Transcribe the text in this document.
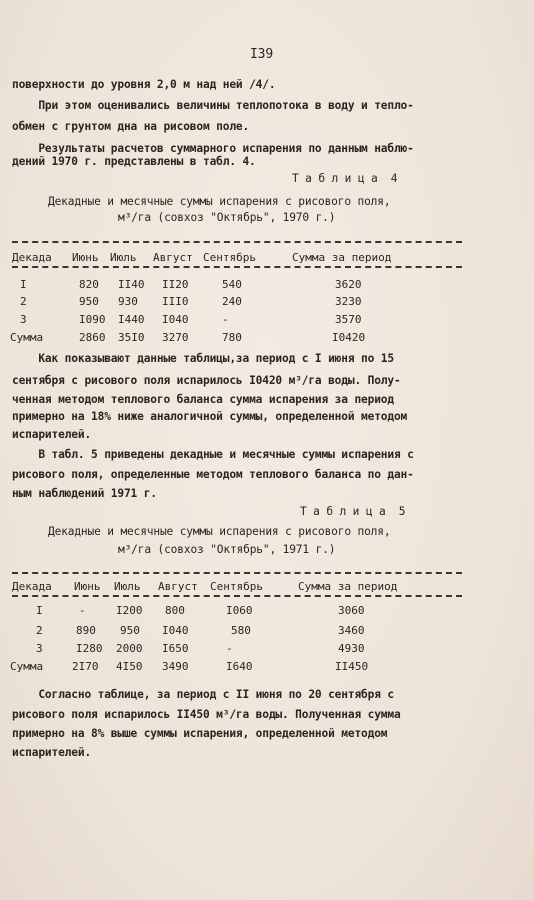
I39
поверхности до уровня 2,0 м над ней /4/.
При этом оценивались величины теплопотока в воду и тепло-
обмен с грунтом дна на рисовом поле.
Результаты расчетов суммарного испарения по данным наблю-
дений 1970 г. представлены в табл. 4.
Т а б л и ц а  4
Декадные и месячные суммы испарения с рисового поля,
м³/га (совхоз "Октябрь", 1970 г.)
Декада Июнь Июль Август Сентябрь	Сумма за период
I	820 II40 II20	540	3620
2	950 930 III0	240	3230
3	I090 I440 I040	-	3570
Сумма	2860 35I0 3270	780	I0420
Как показывают данные таблицы,за период с I июня по 15
сентября с рисового поля испарилось I0420 м³/га воды. Полу-
ченная методом теплового баланса сумма испарения за период
примерно на 18% ниже аналогичной суммы, определенной методом
испарителей.
В табл. 5 приведены декадные и месячные суммы испарения с
рисового поля, определенные методом теплового баланса по дан-
ным наблюдений 1971 г.
Т а б л и ц а  5
Декадные и месячные суммы испарения с рисового поля,
м³/га (совхоз "Октябрь", 1971 г.)
Декада Июнь Июль Август Сентябрь	Сумма за период
I	-	I200 800	I060	3060
2	890 950 I040	580	3460
3	I280 2000 I650	-	4930
Сумма	2I70 4I50 3490	I640	II450
Согласно таблице, за период с II июня по 20 сентября с
рисового поля испарилось II450 м³/га воды. Полученная сумма
примерно на 8% выше суммы испарения, определенной методом
испарителей.
